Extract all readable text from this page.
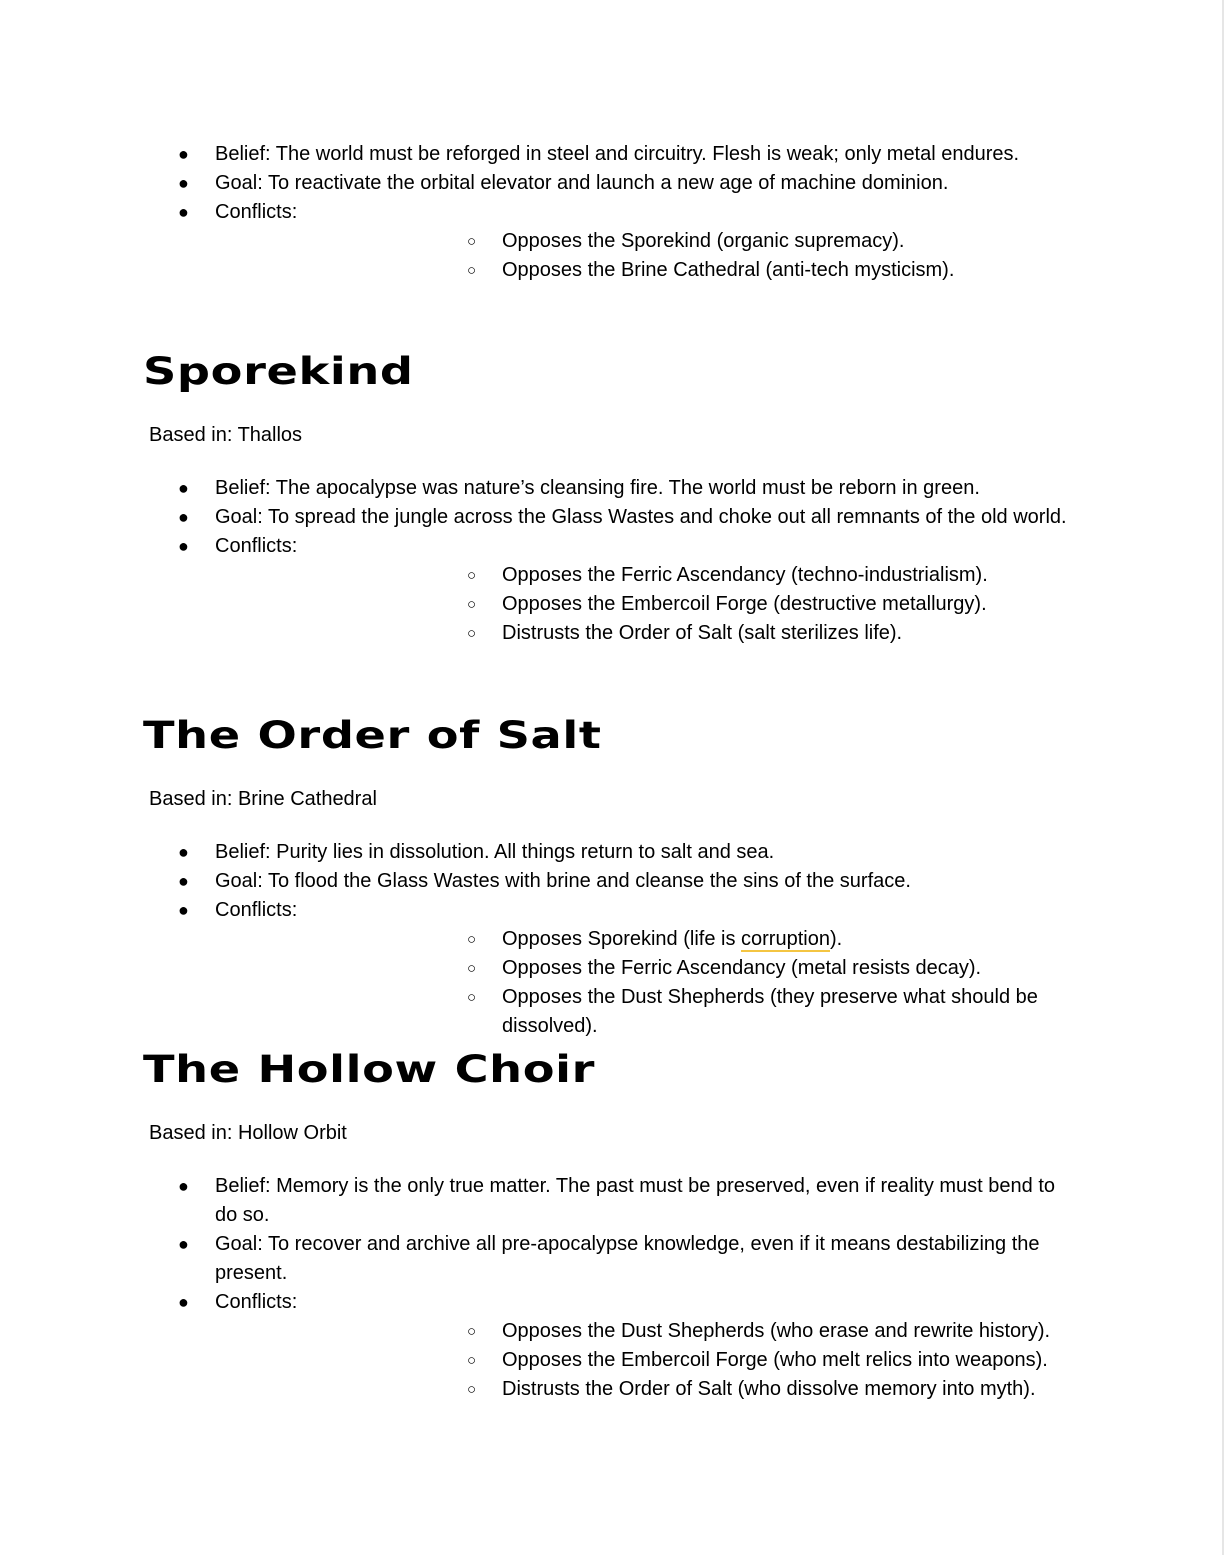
●	Belief: The world must be reforged in steel and circuitry. Flesh is weak; only metal endures.
●	Goal: To reactivate the orbital elevator and launch a new age of machine dominion.
●	Conflicts:
○	Opposes the Sporekind (organic supremacy).
○	Opposes the Brine Cathedral (anti-tech mysticism).
Sporekind
Based in: Thallos
●	Belief: The apocalypse was nature’s cleansing fire. The world must be reborn in green.
●	Goal: To spread the jungle across the Glass Wastes and choke out all remnants of the old world.
●	Conflicts:
○	Opposes the Ferric Ascendancy (techno-industrialism).
○	Opposes the Embercoil Forge (destructive metallurgy).
○	Distrusts the Order of Salt (salt sterilizes life).
The Order of Salt
Based in: Brine Cathedral
●	Belief: Purity lies in dissolution. All things return to salt and sea.
●	Goal: To flood the Glass Wastes with brine and cleanse the sins of the surface.
●	Conflicts:
○	Opposes Sporekind (life is corruption).
○	Opposes the Ferric Ascendancy (metal resists decay).
○	Opposes the Dust Shepherds (they preserve what should be dissolved).
The Hollow Choir
Based in: Hollow Orbit
●	Belief: Memory is the only true matter. The past must be preserved, even if reality must bend to do so.
●	Goal: To recover and archive all pre-apocalypse knowledge, even if it means destabilizing the present.
●	Conflicts:
○	Opposes the Dust Shepherds (who erase and rewrite history).
○	Opposes the Embercoil Forge (who melt relics into weapons).
○	Distrusts the Order of Salt (who dissolve memory into myth).
